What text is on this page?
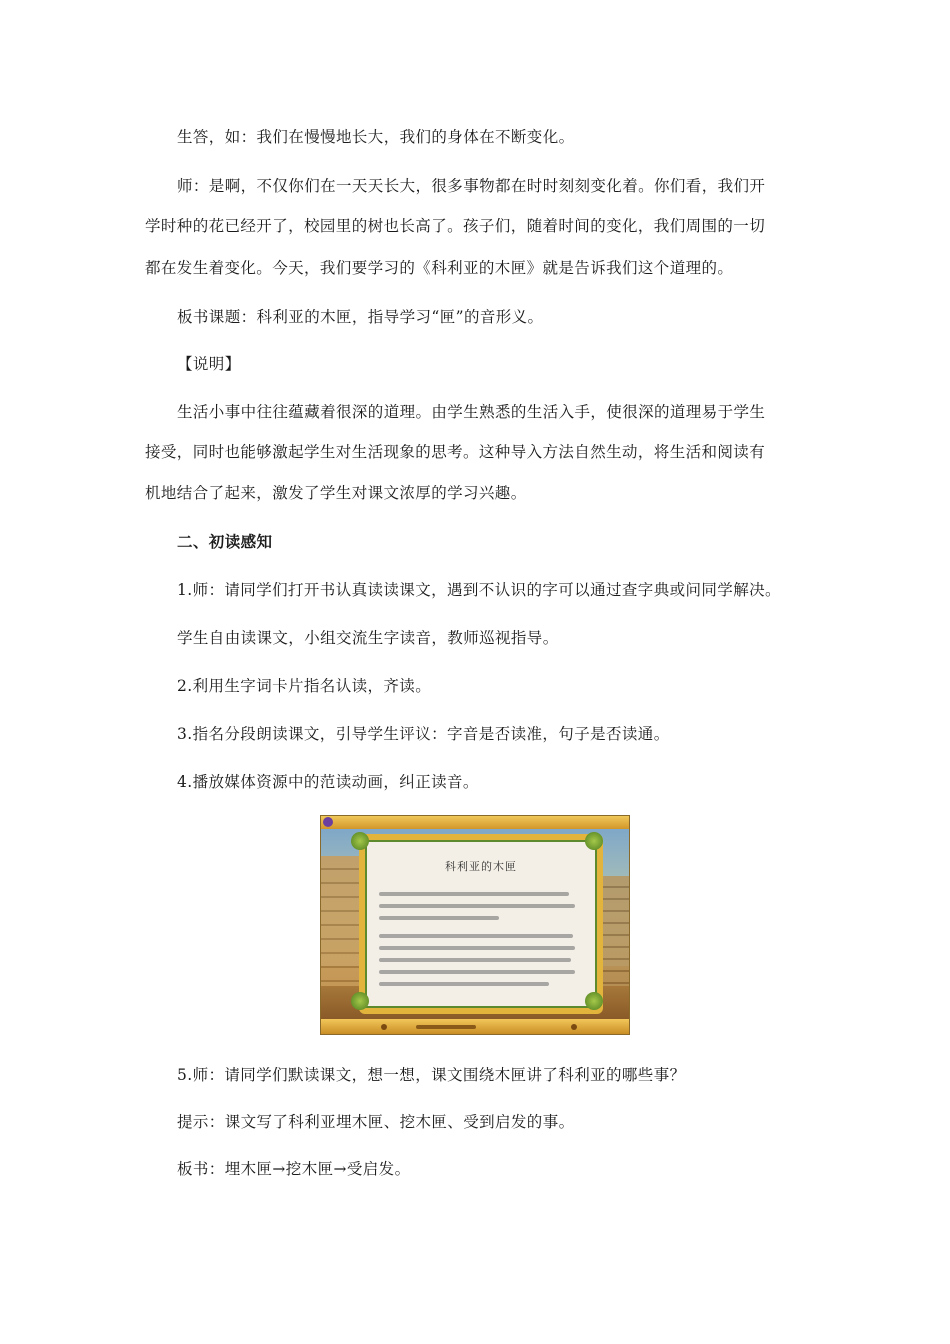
生答，如：我们在慢慢地长大，我们的身体在不断变化。
师：是啊，不仅你们在一天天长大，很多事物都在时时刻刻变化着。你们看，我们开
学时种的花已经开了，校园里的树也长高了。孩子们，随着时间的变化，我们周围的一切
都在发生着变化。今天，我们要学习的《科利亚的木匣》就是告诉我们这个道理的。
板书课题：科利亚的木匣，指导学习“匣”的音形义。
【说明】
生活小事中往往蕴藏着很深的道理。由学生熟悉的生活入手，使很深的道理易于学生
接受，同时也能够激起学生对生活现象的思考。这种导入方法自然生动，将生活和阅读有
机地结合了起来，激发了学生对课文浓厚的学习兴趣。
二、初读感知
1.师：请同学们打开书认真读读课文，遇到不认识的字可以通过查字典或问同学解决。
学生自由读课文，小组交流生字读音，教师巡视指导。
2.利用生字词卡片指名认读，齐读。
3.指名分段朗读课文，引导学生评议：字音是否读准，句子是否读通。
4.播放媒体资源中的范读动画，纠正读音。
科利亚的木匣
5.师：请同学们默读课文，想一想，课文围绕木匣讲了科利亚的哪些事？
提示：课文写了科利亚埋木匣、挖木匣、受到启发的事。
板书：埋木匣→挖木匣→受启发。
